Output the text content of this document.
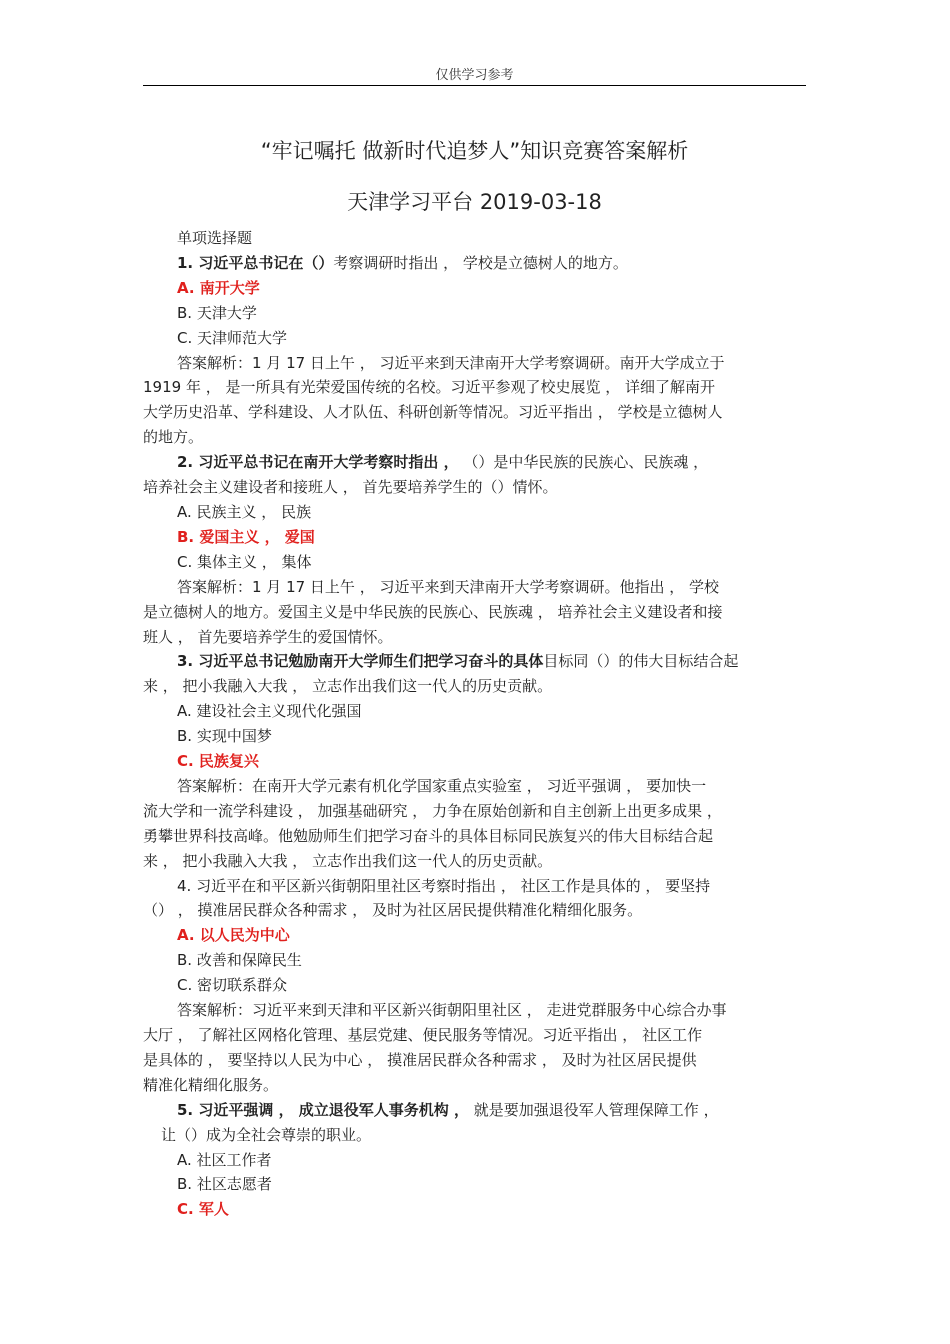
仅供学习参考
“牢记嘱托 做新时代追梦人”知识竞赛答案解析
天津学习平台 2019-03-18
单项选择题
1. 习近平总书记在（）考察调研时指出 ， 学校是立德树人的地方。
A. 南开大学
B. 天津大学
C. 天津师范大学
答案解析：1 月 17 日上午 ， 习近平来到天津南开大学考察调研。南开大学成立于
1919 年 ， 是一所具有光荣爱国传统的名校。习近平参观了校史展览 ， 详细了解南开
大学历史沿革、学科建设、人才队伍、科研创新等情况。习近平指出 ， 学校是立德树人
的地方。
2. 习近平总书记在南开大学考察时指出 ， （）是中华民族的民族心、民族魂 ，
培养社会主义建设者和接班人 ， 首先要培养学生的（）情怀。
A. 民族主义 ， 民族
B. 爱国主义 ， 爱国
C. 集体主义 ， 集体
答案解析：1 月 17 日上午 ， 习近平来到天津南开大学考察调研。他指出 ， 学校
是立德树人的地方。爱国主义是中华民族的民族心、民族魂 ， 培养社会主义建设者和接
班人 ， 首先要培养学生的爱国情怀。
3. 习近平总书记勉励南开大学师生们把学习奋斗的具体目标同（）的伟大目标结合起
来 ， 把小我融入大我 ， 立志作出我们这一代人的历史贡献。
A. 建设社会主义现代化强国
B. 实现中国梦
C. 民族复兴
答案解析：在南开大学元素有机化学国家重点实验室 ， 习近平强调 ， 要加快一
流大学和一流学科建设 ， 加强基础研究 ， 力争在原始创新和自主创新上出更多成果 ，
勇攀世界科技高峰。他勉励师生们把学习奋斗的具体目标同民族复兴的伟大目标结合起
来 ， 把小我融入大我 ， 立志作出我们这一代人的历史贡献。
4. 习近平在和平区新兴街朝阳里社区考察时指出 ， 社区工作是具体的 ， 要坚持
（） ， 摸准居民群众各种需求 ， 及时为社区居民提供精准化精细化服务。
A. 以人民为中心
B. 改善和保障民生
C. 密切联系群众
答案解析：习近平来到天津和平区新兴街朝阳里社区 ， 走进党群服务中心综合办事
大厅 ， 了解社区网格化管理、基层党建、便民服务等情况。习近平指出 ， 社区工作
是具体的 ， 要坚持以人民为中心 ， 摸准居民群众各种需求 ， 及时为社区居民提供
精准化精细化服务。
5. 习近平强调 ， 成立退役军人事务机构 ， 就是要加强退役军人管理保障工作 ，
让（）成为全社会尊崇的职业。
A. 社区工作者
B. 社区志愿者
C. 军人
